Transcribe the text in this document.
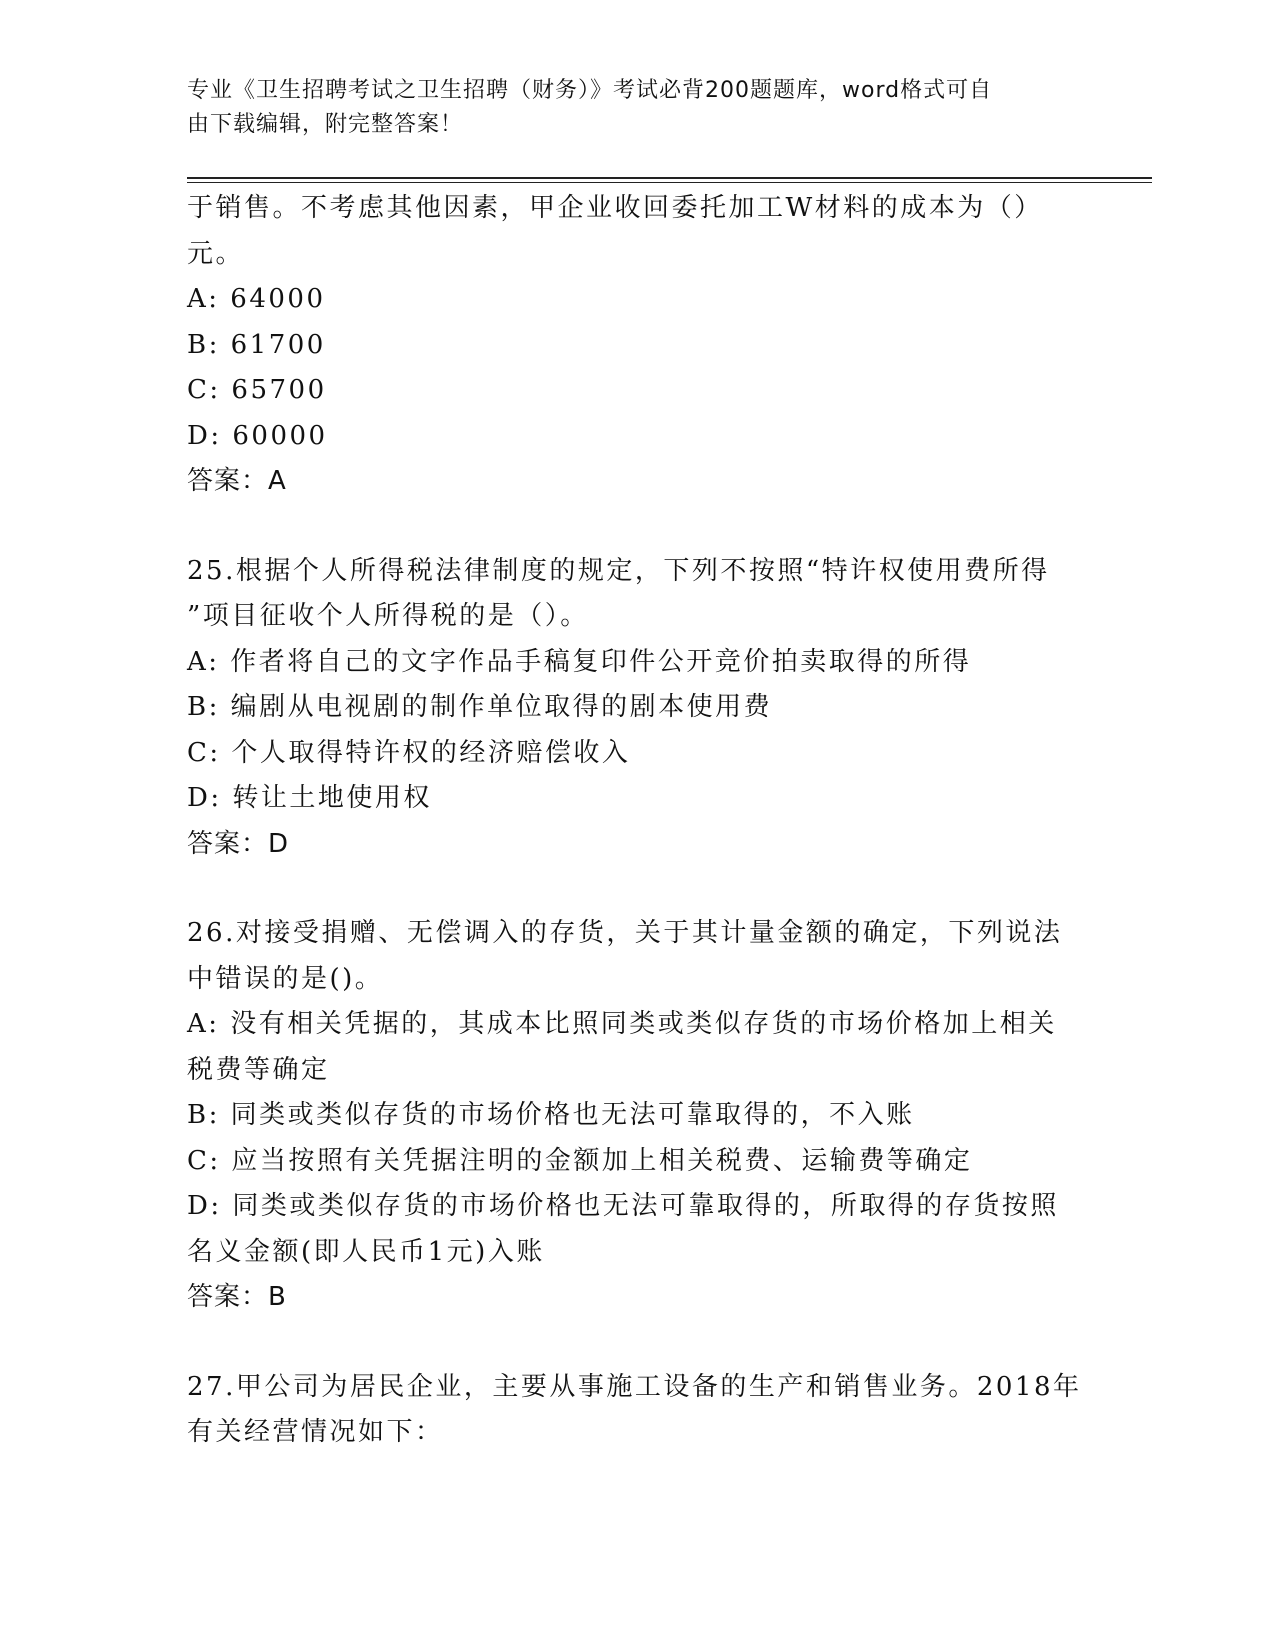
专业《卫生招聘考试之卫生招聘（财务）》考试必背200题题库，word格式可自
由下载编辑，附完整答案！
于销售。不考虑其他因素，甲企业收回委托加工W材料的成本为（）
元。
A: 64000
B: 61700
C: 65700
D: 60000
答案：A
25.根据个人所得税法律制度的规定，下列不按照“特许权使用费所得
”项目征收个人所得税的是（）。
A: 作者将自己的文字作品手稿复印件公开竞价拍卖取得的所得
B: 编剧从电视剧的制作单位取得的剧本使用费
C: 个人取得特许权的经济赔偿收入
D: 转让土地使用权
答案：D
26.对接受捐赠、无偿调入的存货，关于其计量金额的确定，下列说法
中错误的是()。
A: 没有相关凭据的，其成本比照同类或类似存货的市场价格加上相关
税费等确定
B: 同类或类似存货的市场价格也无法可靠取得的，不入账
C: 应当按照有关凭据注明的金额加上相关税费、运输费等确定
D: 同类或类似存货的市场价格也无法可靠取得的，所取得的存货按照
名义金额(即人民币1元)入账
答案：B
27.甲公司为居民企业，主要从事施工设备的生产和销售业务。2018年
有关经营情况如下：
